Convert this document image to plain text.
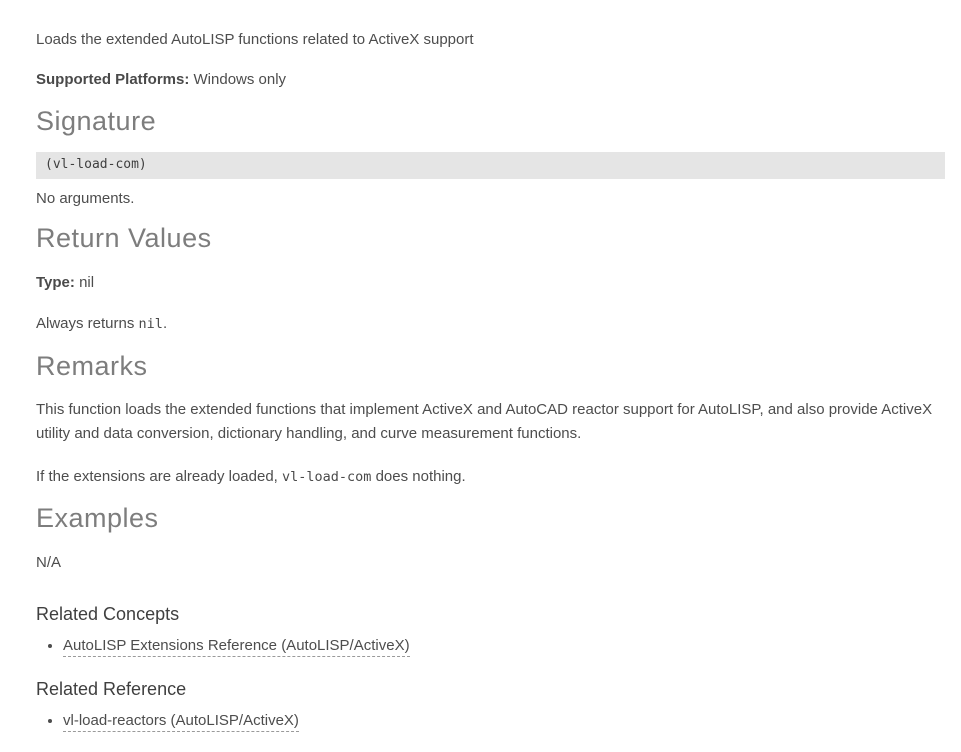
Loads the extended AutoLISP functions related to ActiveX support

Supported Platforms: Windows only

Signature
(vl-load-com)

No arguments.

Return Values

Type: nil

Always returns nil.

Remarks

This function loads the extended functions that implement ActiveX and AutoCAD reactor support for AutoLISP, and also provide ActiveX utility and data conversion, dictionary handling, and curve measurement functions.

If the extensions are already loaded, vl-load-com does nothing.

Examples

N/A

Related Concepts
• AutoLISP Extensions Reference (AutoLISP/ActiveX)
Related Reference
• vl-load-reactors (AutoLISP/ActiveX)
